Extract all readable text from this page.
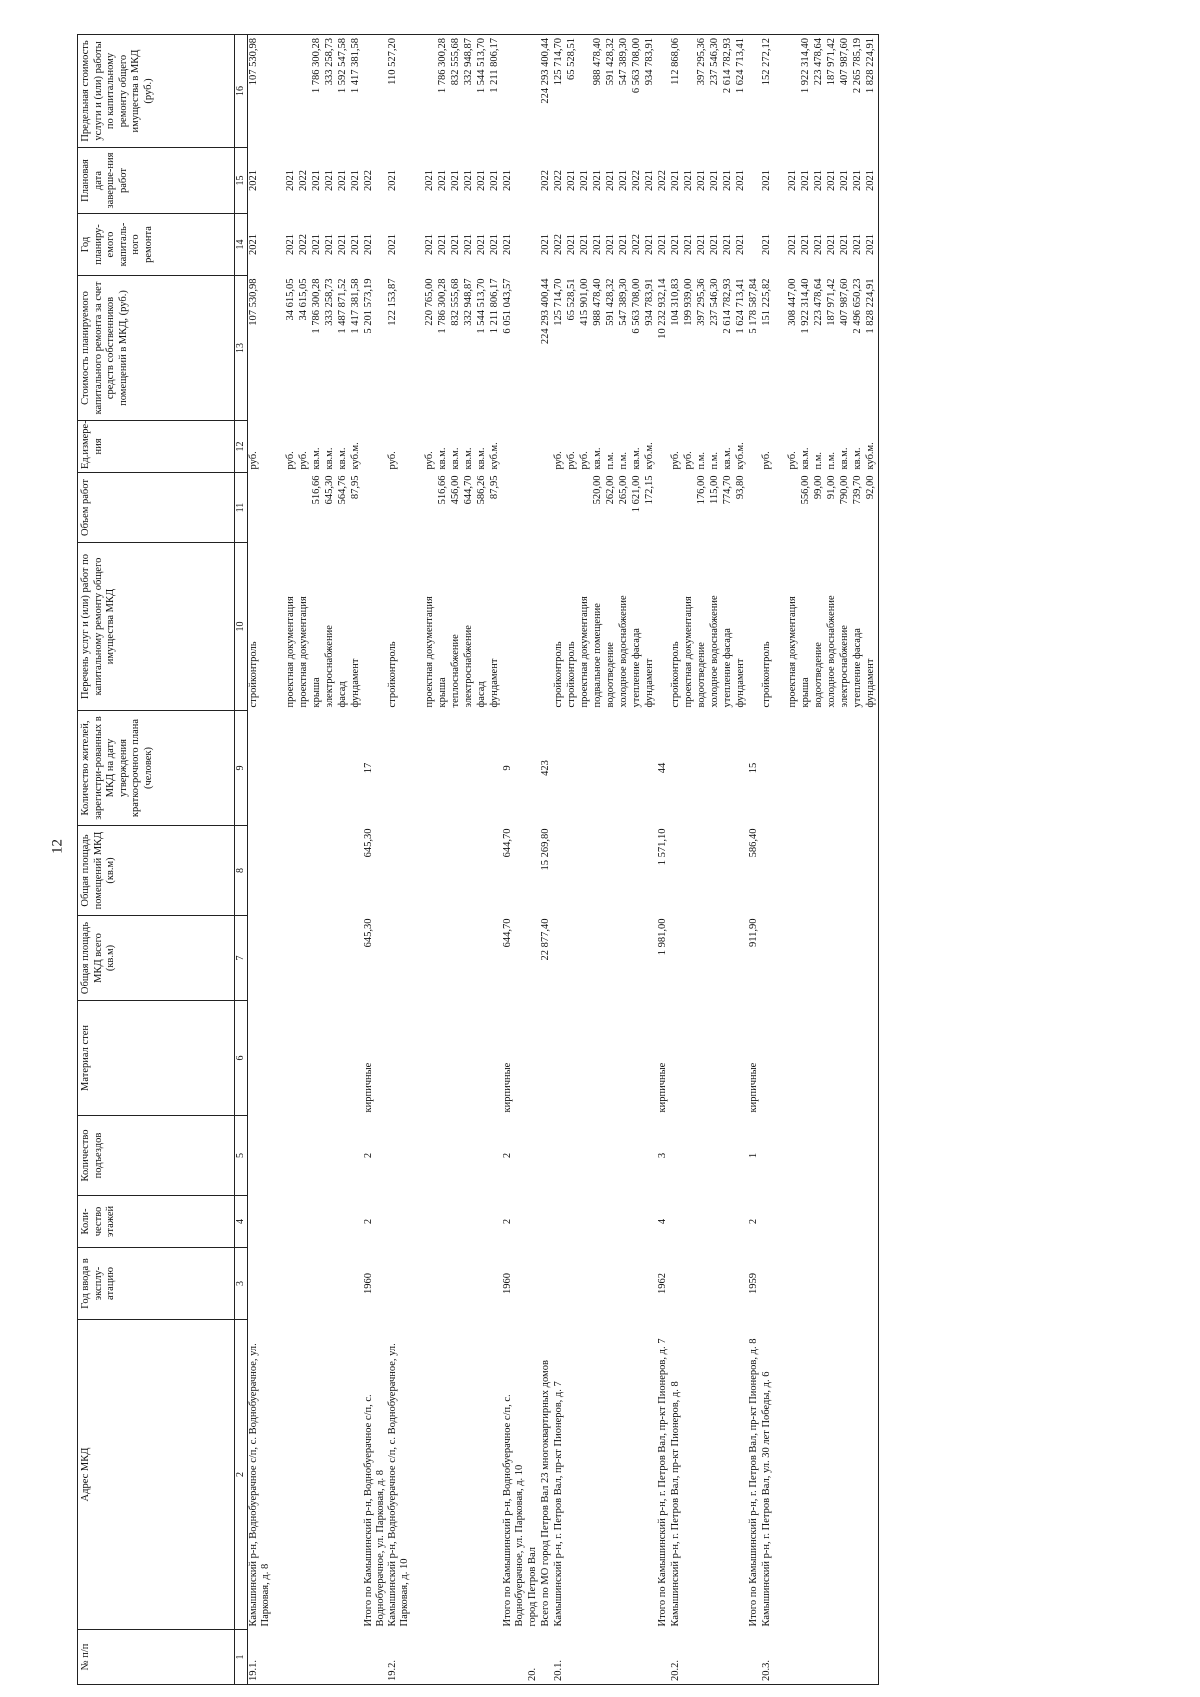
12
№ п/п	Адрес МКД	Год ввода в эксплу-атацию	Коли-чество этажей	Количество подъездов	Материал стен	Общая площадь МКД всего (кв.м)	Общая площадь помещений МКД (кв.м)	Количество жителей, зарегистри-рованных в МКД на дату утверждения краткосрочного плана (человек)	Перечень услуг и (или) работ по капитальному ремонту общего имущества МКД	Объем работ	Ед.измере-ния	Стоимость планируемого капитального ремонта за счет средств собственников помещений в МКД, (руб.)	Год планиру-емого капиталь-ного ремонта	Плановая дата заверше-ния работ	Предельная стоимость услуги и (или) работы по капитальному ремонту общего имущества в МКД (руб.)
1	2	3	4	5	6	7	8	9	10	11	12	13	14	15	16
19.1.	Камышинский р-н, Воднобуерачное с/п, с. Воднобуерачное, ул. Парковая, д. 8								стройконтроль		руб.	107 530,98	2021	2021	107 530,98

									проектная документация		руб.	34 615,05	2021	2021	
									проектная документация		руб.	34 615,05	2022	2022	
									крыша	516,66	кв.м.	1 786 300,28	2021	2021	1 786 300,28
									электроснабжение	645,30	кв.м.	333 258,73	2021	2021	333 258,73
									фасад	564,76	кв.м.	1 487 871,52	2021	2021	1 592 547,58
									фундамент	87,95	куб.м.	1 417 381,58	2021	2021	1 417 381,58
	Итого по Камышинский р-н, Воднобуерачное с/п, с. Воднобуерачное, ул. Парковая, д. 8	1960	2	2	кирпичные	645,30	645,30	17				5 201 573,19	2021	2022	
19.2.	Камышинский р-н, Воднобуерачное с/п, с. Воднобуерачное, ул. Парковая, д. 10								стройконтроль		руб.	122 153,87	2021	2021	110 527,20

									проектная документация		руб.	220 765,00	2021	2021	
									крыша	516,66	кв.м.	1 786 300,28	2021	2021	1 786 300,28
									теплоснабжение	456,00	кв.м.	832 555,68	2021	2021	832 555,68
									электроснабжение	644,70	кв.м.	332 948,87	2021	2021	332 948,87
									фасад	586,26	кв.м.	1 544 513,70	2021	2021	1 544 513,70
									фундамент	87,95	куб.м.	1 211 806,17	2021	2021	1 211 806,17
	Итого по Камышинский р-н, Воднобуерачное с/п, с. Воднобуерачное, ул. Парковая, д. 10	1960	2	2	кирпичные	644,70	644,70	9				6 051 043,57	2021	2021	
20.	город Петров Вал														
	Всего по МО город Петров Вал 23 многоквартирных домов					22 877,40	15 269,80	423				224 293 400,44	2021	2022	224 293 400,44
20.1.	Камышинский р-н, г. Петров Вал, пр-кт Пионеров, д. 7								стройконтроль		руб.	125 714,70	2022	2022	125 714,70
									стройконтроль		руб.	65 528,51	2021	2021	65 528,51
									проектная документация		руб.	415 901,00	2021	2021	
									подвальное помещение	520,00	кв.м.	988 478,40	2021	2021	988 478,40
									водоотведение	262,00	п.м.	591 428,32	2021	2021	591 428,32
									холодное водоснабжение	265,00	п.м.	547 389,30	2021	2021	547 389,30
									утепление фасада	1 621,00	кв.м.	6 563 708,00	2022	2022	6 563 708,00
									фундамент	172,15	куб.м.	934 783,91	2021	2021	934 783,91
	Итого по Камышинский р-н, г. Петров Вал, пр-кт Пионеров, д. 7	1962	4	3	кирпичные	1 981,00	1 571,10	44				10 232 932,14	2021	2022	
20.2.	Камышинский р-н, г. Петров Вал, пр-кт Пионеров, д. 8								стройконтроль		руб.	104 310,83	2021	2021	112 868,06
									проектная документация		руб.	199 939,00	2021	2021	
									водоотведение	176,00	п.м.	397 295,36	2021	2021	397 295,36
									холодное водоснабжение	115,00	п.м.	237 546,30	2021	2021	237 546,30
									утепление фасада	774,70	кв.м.	2 614 782,93	2021	2021	2 614 782,93
									фундамент	93,80	куб.м.	1 624 713,41	2021	2021	1 624 713,41
	Итого по Камышинский р-н, г. Петров Вал, пр-кт Пионеров, д. 8	1959	2	1	кирпичные	911,90	586,40	15				5 178 587,84			
20.3.	Камышинский р-н, г. Петров Вал, ул. 30 лет Победы, д. 6								стройконтроль		руб.	151 225,82	2021	2021	152 272,12

									проектная документация		руб.	308 447,00	2021	2021	
									крыша	556,00	кв.м.	1 922 314,40	2021	2021	1 922 314,40
									водоотведение	99,00	п.м.	223 478,64	2021	2021	223 478,64
									холодное водоснабжение	91,00	п.м.	187 971,42	2021	2021	187 971,42
									электроснабжение	790,00	кв.м.	407 987,60	2021	2021	407 987,60
									утепление фасада	739,70	кв.м.	2 496 650,23	2021	2021	2 265 785,19
									фундамент	92,00	куб.м.	1 828 224,91	2021	2021	1 828 224,91
